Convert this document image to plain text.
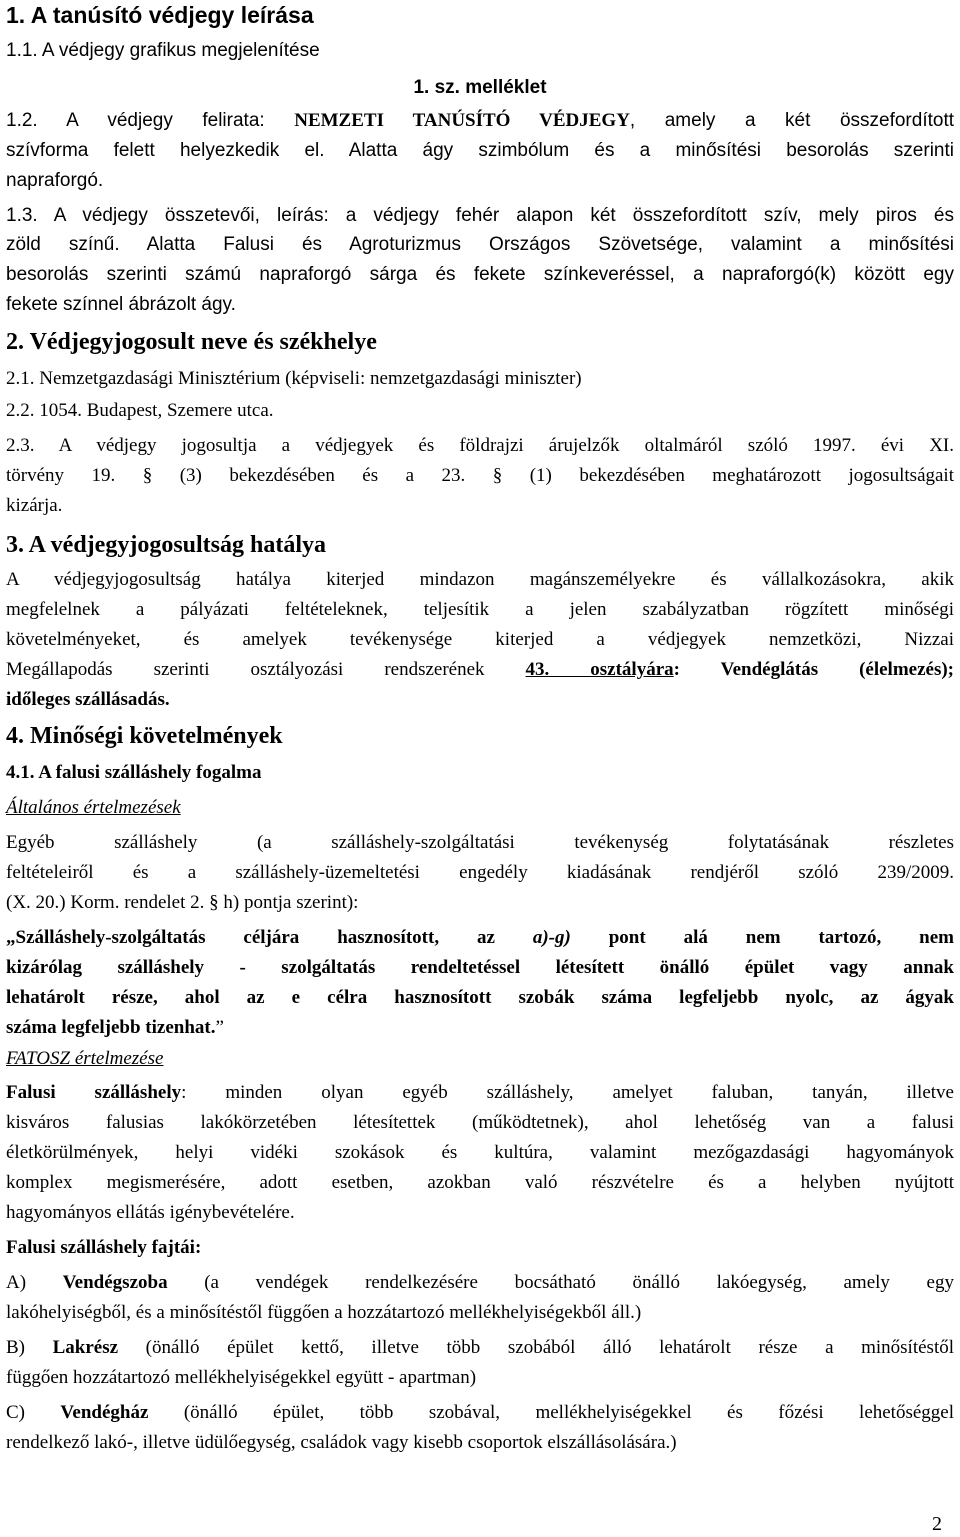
1. A tanúsító védjegy leírása
1.1. A védjegy grafikus megjelenítése
1. sz. melléklet
1.2. A védjegy felirata: NEMZETI TANÚSÍTÓ VÉDJEGY, amely a két összefordított
szívforma felett helyezkedik el. Alatta ágy szimbólum és a minősítési besorolás szerinti
napraforgó.
1.3. A védjegy összetevői, leírás: a védjegy fehér alapon két összefordított szív, mely piros és
zöld színű. Alatta Falusi és Agroturizmus Országos Szövetsége, valamint a minősítési
besorolás szerinti számú napraforgó sárga és fekete színkeveréssel, a napraforgó(k) között egy
fekete színnel ábrázolt ágy.
2. Védjegyjogosult neve és székhelye
2.1. Nemzetgazdasági Minisztérium (képviseli: nemzetgazdasági miniszter)
2.2. 1054. Budapest, Szemere utca.
2.3. A védjegy jogosultja a védjegyek és földrajzi árujelzők oltalmáról szóló 1997. évi XI.
törvény 19. § (3) bekezdésében és a 23. § (1) bekezdésében meghatározott jogosultságait
kizárja.
3. A védjegyjogosultság hatálya
A védjegyjogosultság hatálya kiterjed mindazon magánszemélyekre és vállalkozásokra, akik
megfelelnek a pályázati feltételeknek, teljesítik a jelen szabályzatban rögzített minőségi
követelményeket, és amelyek tevékenysége kiterjed a védjegyek nemzetközi, Nizzai
Megállapodás szerinti osztályozási rendszerének 43. osztályára: Vendéglátás (élelmezés);
időleges szállásadás.
4. Minőségi követelmények
4.1. A falusi szálláshely fogalma
Általános értelmezések
Egyéb szálláshely (a szálláshely-szolgáltatási tevékenység folytatásának részletes
feltételeiről és a szálláshely-üzemeltetési engedély kiadásának rendjéről szóló 239/2009.
(X. 20.) Korm. rendelet 2. § h) pontja szerint):
„Szálláshely-szolgáltatás céljára hasznosított, az a)-g) pont alá nem tartozó, nem
kizárólag szálláshely - szolgáltatás rendeltetéssel létesített önálló épület vagy annak
lehatárolt része, ahol az e célra hasznosított szobák száma legfeljebb nyolc, az ágyak
száma legfeljebb tizenhat.”
FATOSZ értelmezése
Falusi szálláshely: minden olyan egyéb szálláshely, amelyet faluban, tanyán, illetve
kisváros falusias lakókörzetében létesítettek (működtetnek), ahol lehetőség van a falusi
életkörülmények, helyi vidéki szokások és kultúra, valamint mezőgazdasági hagyományok
komplex megismerésére, adott esetben, azokban való részvételre és a helyben nyújtott
hagyományos ellátás igénybevételére.
Falusi szálláshely fajtái:
A) Vendégszoba (a vendégek rendelkezésére bocsátható önálló lakóegység, amely egy
lakóhelyiségből, és a minősítéstől függően a hozzátartozó mellékhelyiségekből áll.)
B) Lakrész (önálló épület kettő, illetve több szobából álló lehatárolt része a minősítéstől
függően hozzátartozó mellékhelyiségekkel együtt - apartman)
C) Vendégház (önálló épület, több szobával, mellékhelyiségekkel és főzési lehetőséggel
rendelkező lakó-, illetve üdülőegység, családok vagy kisebb csoportok elszállásolására.)
2
